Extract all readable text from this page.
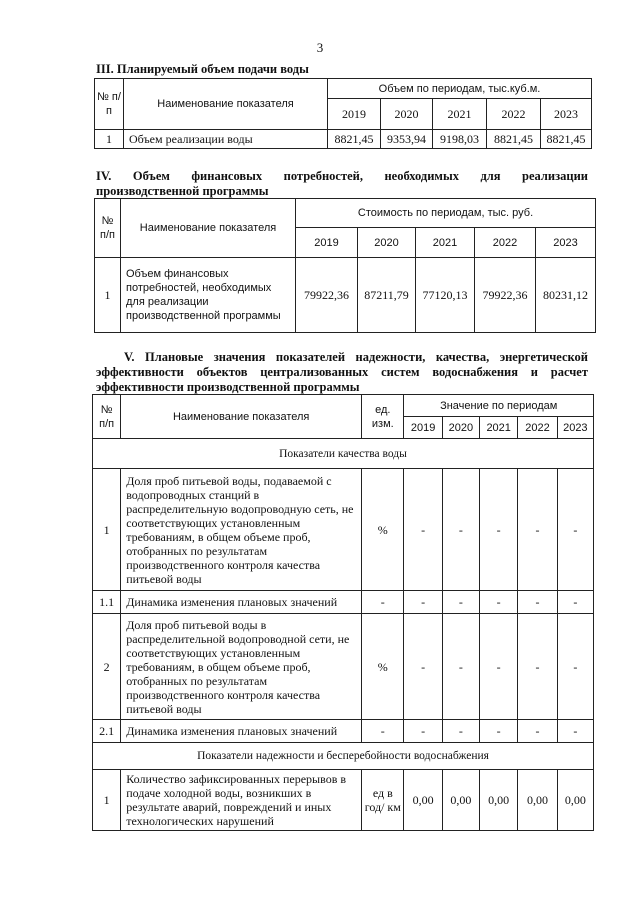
3
III. Планируемый объем подачи воды
№ п/п	Наименование показателя	Объем по периодам, тыс.куб.м.				
		2019	2020	2021	2022	2023
1	Объем реализации воды	8821,45	9353,94	9198,03	8821,45	8821,45
IV. Объем финансовых потребностей, необходимых для реализации
производственной программы
№ п/п	Наименование показателя	Стоимость по периодам, тыс. руб.				
		2019	2020	2021	2022	2023
1	Объем финансовых потребностей, необходимых для реализации производственной программы	79922,36	87211,79	77120,13	79922,36	80231,12
V. Плановые значения показателей надежности, качества, энергетической
эффективности объектов централизованных систем водоснабжения и расчет
эффективности производственной программы
№ п/п	Наименование показателя	ед. изм.	Значение по периодам				
			2019	2020	2021	2022	2023
Показатели качества воды							
1	Доля проб питьевой воды, подаваемой с водопроводных станций в распределительную водопроводную сеть, не соответствующих установленным требованиям, в общем объеме проб, отобранных по результатам производственного контроля качества питьевой воды	%	-	-	-	-	-
1.1	Динамика изменения плановых значений	-	-	-	-	-	-
2	Доля проб питьевой воды в распределительной водопроводной сети, не соответствующих установленным требованиям, в общем объеме проб, отобранных по результатам производственного контроля качества питьевой воды	%	-	-	-	-	-
2.1	Динамика изменения плановых значений	-	-	-	-	-	-
Показатели надежности и бесперебойности водоснабжения							
1	Количество зафиксированных перерывов в подаче холодной воды, возникших в результате аварий, повреждений и иных технологических нарушений	ед в год/ км	0,00	0,00	0,00	0,00	0,00
